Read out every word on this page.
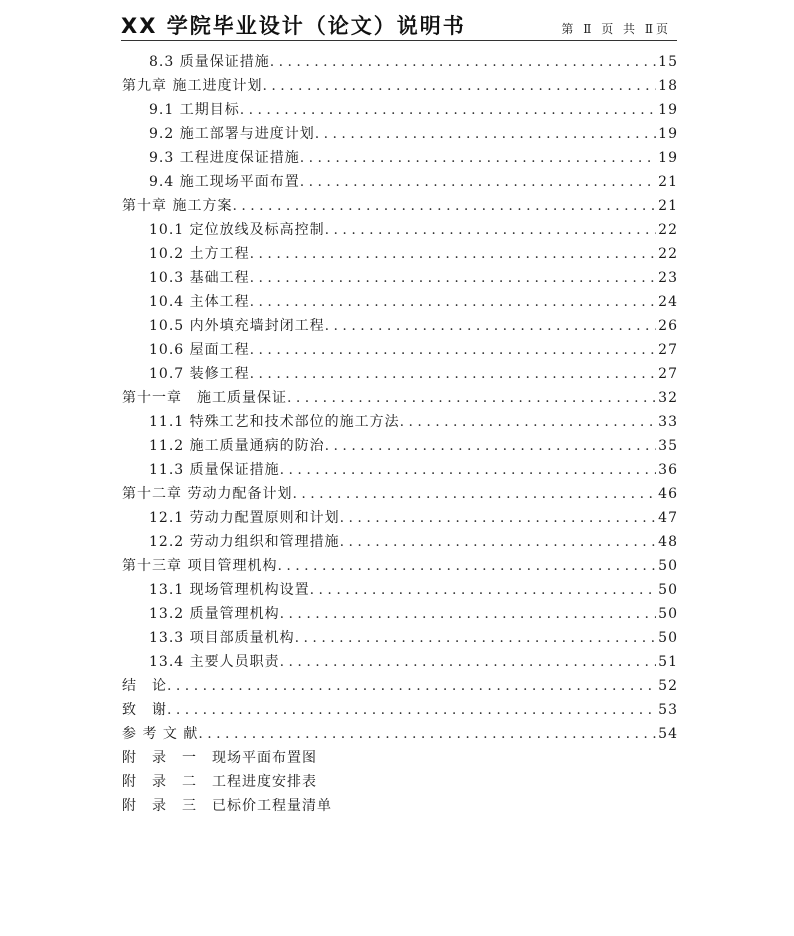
XX 学院毕业设计（论文）说明书	第 Ⅱ 页 共 Ⅱ页
8.3 质量保证措施 . . .	15
第九章 施工进度计划 . . .	18
9.1 工期目标 . . .	19
9.2 施工部署与进度计划 . . .	19
9.3 工程进度保证措施 . . .	19
9.4 施工现场平面布置 . . .	21
第十章 施工方案 . . .	21
10.1 定位放线及标高控制 . . .	22
10.2 土方工程 . . .	22
10.3 基础工程 . . .	23
10.4 主体工程 . . .	24
10.5 内外填充墙封闭工程 . . .	26
10.6 屋面工程 . . .	27
10.7 装修工程 . . .	27
第十一章　施工质量保证 . . .	32
11.1 特殊工艺和技术部位的施工方法 . . .	33
11.2 施工质量通病的防治 . . .	35
11.3 质量保证措施 . . .	36
第十二章 劳动力配备计划 . . .	46
12.1 劳动力配置原则和计划 . . .	47
12.2 劳动力组织和管理措施 . . .	48
第十三章 项目管理机构 . . .	50
13.1 现场管理机构设置 . . .	50
13.2 质量管理机构 . . .	50
13.3 项目部质量机构 . . .	50
13.4 主要人员职责 . . .	51
结　论 . . .	52
致　谢 . . .	53
参 考 文 献 . . .	54
附　录　一　现场平面布置图
附　录　二　工程进度安排表
附　录　三　已标价工程量清单
